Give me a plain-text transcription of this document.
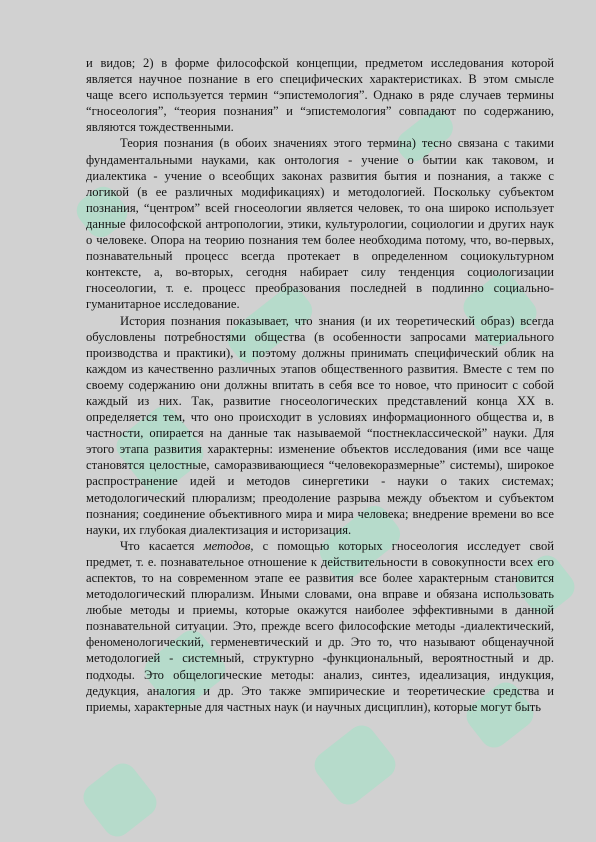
и видов; 2) в форме философской концепции, предметом исследования которой является научное познание в его специфических характеристиках. В этом смысле чаще всего используется термин “эпистемология”. Однако в ряде случаев термины “гносеология”, “теория познания” и “эпистемология” совпадают по содержанию, являются тождественными.

Теория познания (в обоих значениях этого термина) тесно связана с такими фундаментальными науками, как онтология - учение о бытии как таковом, и диалектика - учение о всеобщих законах развития бытия и познания, а также с логикой (в ее различных модификациях) и методологией. Поскольку субъектом познания, “центром” всей гносеологии является человек, то она широко использует данные философской антропологии, этики, культурологии, социологии и других наук о человеке. Опора на теорию познания тем более необходима потому, что, во-первых, познавательный процесс всегда протекает в определенном социокультурном контексте, а, во-вторых, сегодня набирает силу тенденция социологизации гносеологии, т. е. процесс преобразования последней в подлинно социально-гуманитарное исследование.

История познания показывает, что знания (и их теоретический образ) всегда обусловлены потребностями общества (в особенности запросами материального производства и практики), и поэтому должны принимать специфический облик на каждом из качественно различных этапов общественного развития. Вместе с тем по своему содержанию они должны впитать в себя все то новое, что приносит с собой каждый из них. Так, развитие гносеологических представлений конца XX в. определяется тем, что оно происходит в условиях информационного общества и, в частности, опирается на данные так называемой “постнеклассической” науки. Для этого этапа развития характерны: изменение объектов исследования (ими все чаще становятся целостные, саморазвивающиеся “человекоразмерные” системы), широкое распространение идей и методов синергетики - науки о таких системах; методологический плюрализм; преодоление разрыва между объектом и субъектом познания; соединение объективного мира и мира человека; внедрение времени во все науки, их глубокая диалектизация и историзация.

Что касается методов, с помощью которых гносеология исследует свой предмет, т. е. познавательное отношение к действительности в совокупности всех его аспектов, то на современном этапе ее развития все более характерным становится методологический плюрализм. Иными словами, она вправе и обязана использовать любые методы и приемы, которые окажутся наиболее эффективными в данной познавательной ситуации. Это, прежде всего философские методы -диалектический, феноменологический, герменевтический и др. Это то, что называют общенаучной методологией - системный, структурно -функциональный, вероятностный и др. подходы. Это общелогические методы: анализ, синтез, идеализация, индукция, дедукция, аналогия и др. Это также эмпирические и теоретические средства и приемы, характерные для частных наук (и научных дисциплин), которые могут быть
